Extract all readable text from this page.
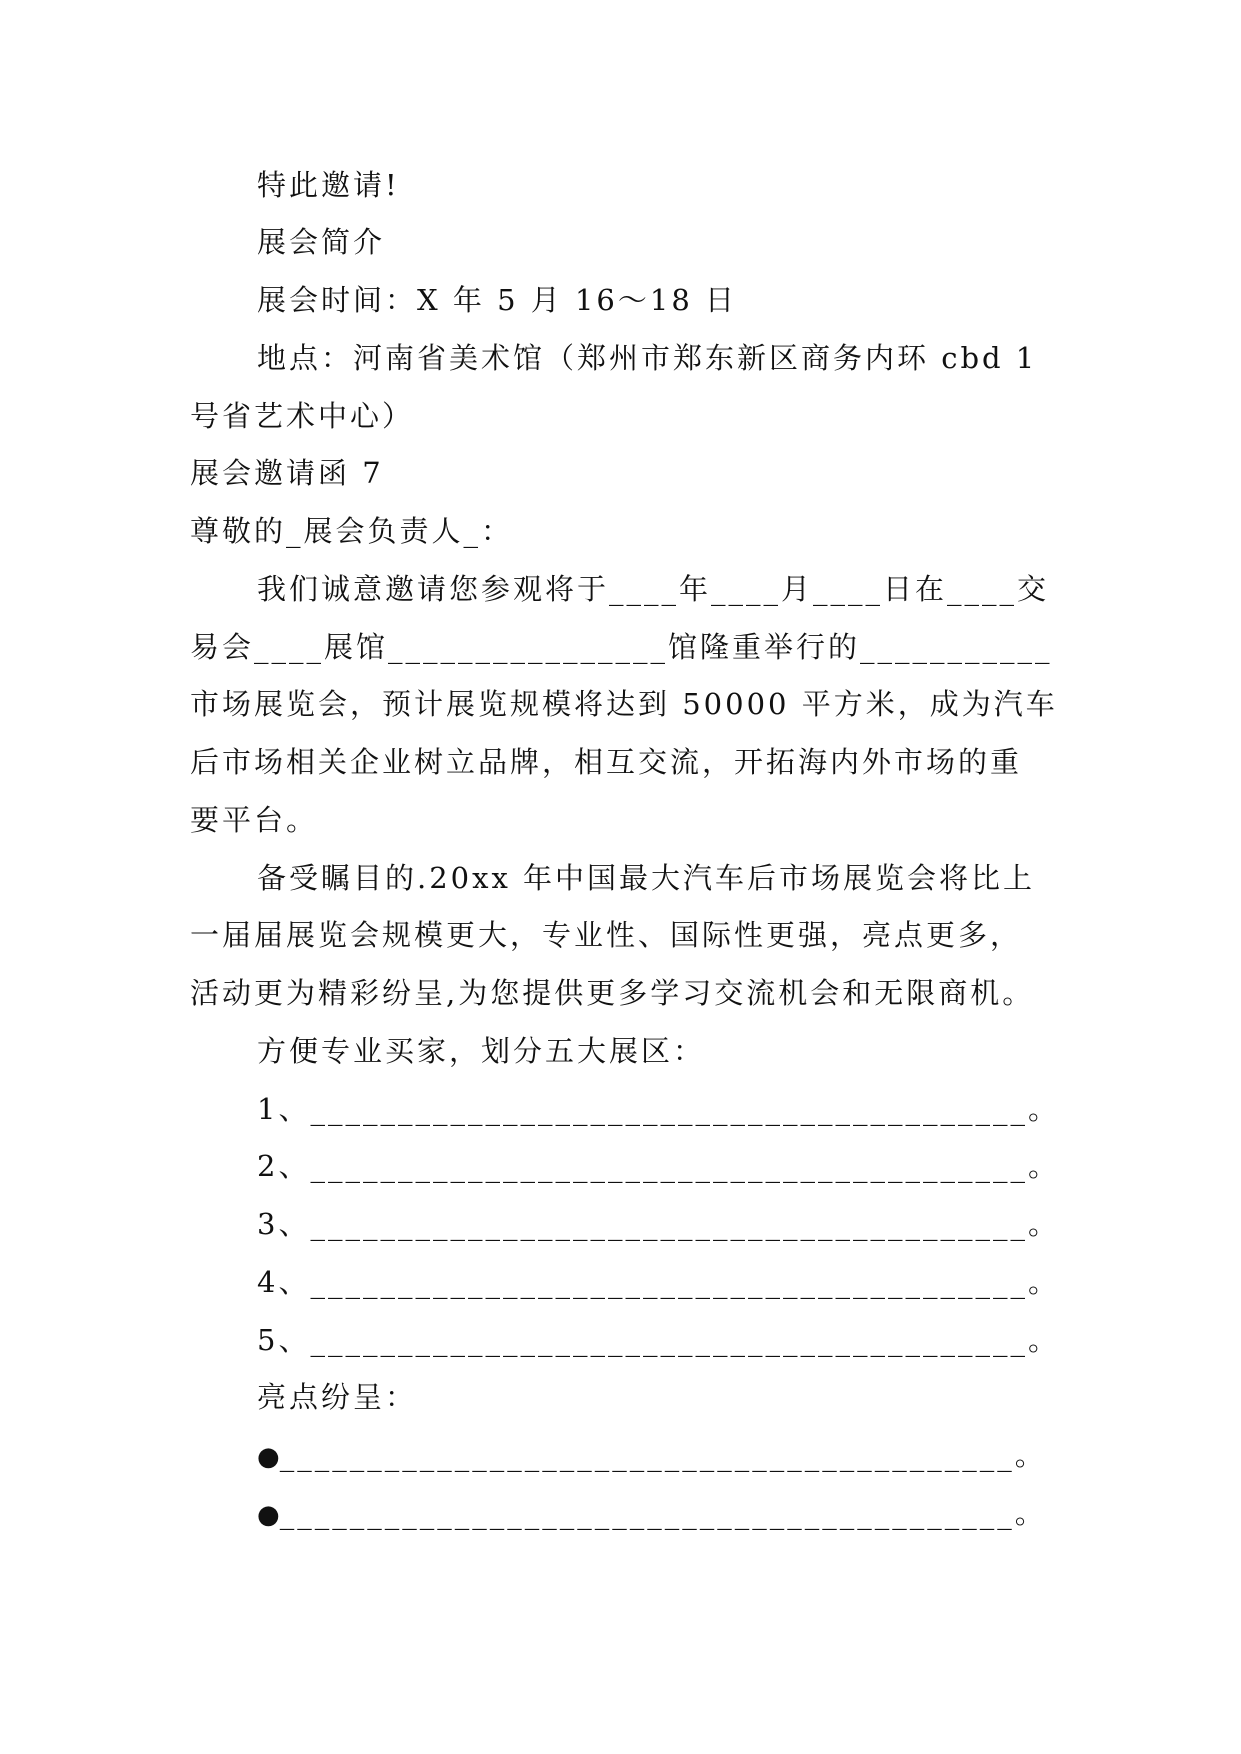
特此邀请!
展会简介
展会时间：X 年 5 月 16～18 日
地点：河南省美术馆（郑州市郑东新区商务内环 cbd 1
号省艺术中心）
展会邀请函 7
尊敬的_展会负责人_：
我们诚意邀请您参观将于____年____月____日在____交
易会____展馆________________馆隆重举行的___________
市场展览会，预计展览规模将达到 50000 平方米，成为汽车
后市场相关企业树立品牌，相互交流，开拓海内外市场的重
要平台。
备受瞩目的.20xx 年中国最大汽车后市场展览会将比上
一届届展览会规模更大，专业性、国际性更强，亮点更多，
活动更为精彩纷呈,为您提供更多学习交流机会和无限商机。
方便专业买家，划分五大展区：
1、_________________________________________。
2、_________________________________________。
3、_________________________________________。
4、_________________________________________。
5、_________________________________________。
亮点纷呈：
●__________________________________________。
●__________________________________________。
